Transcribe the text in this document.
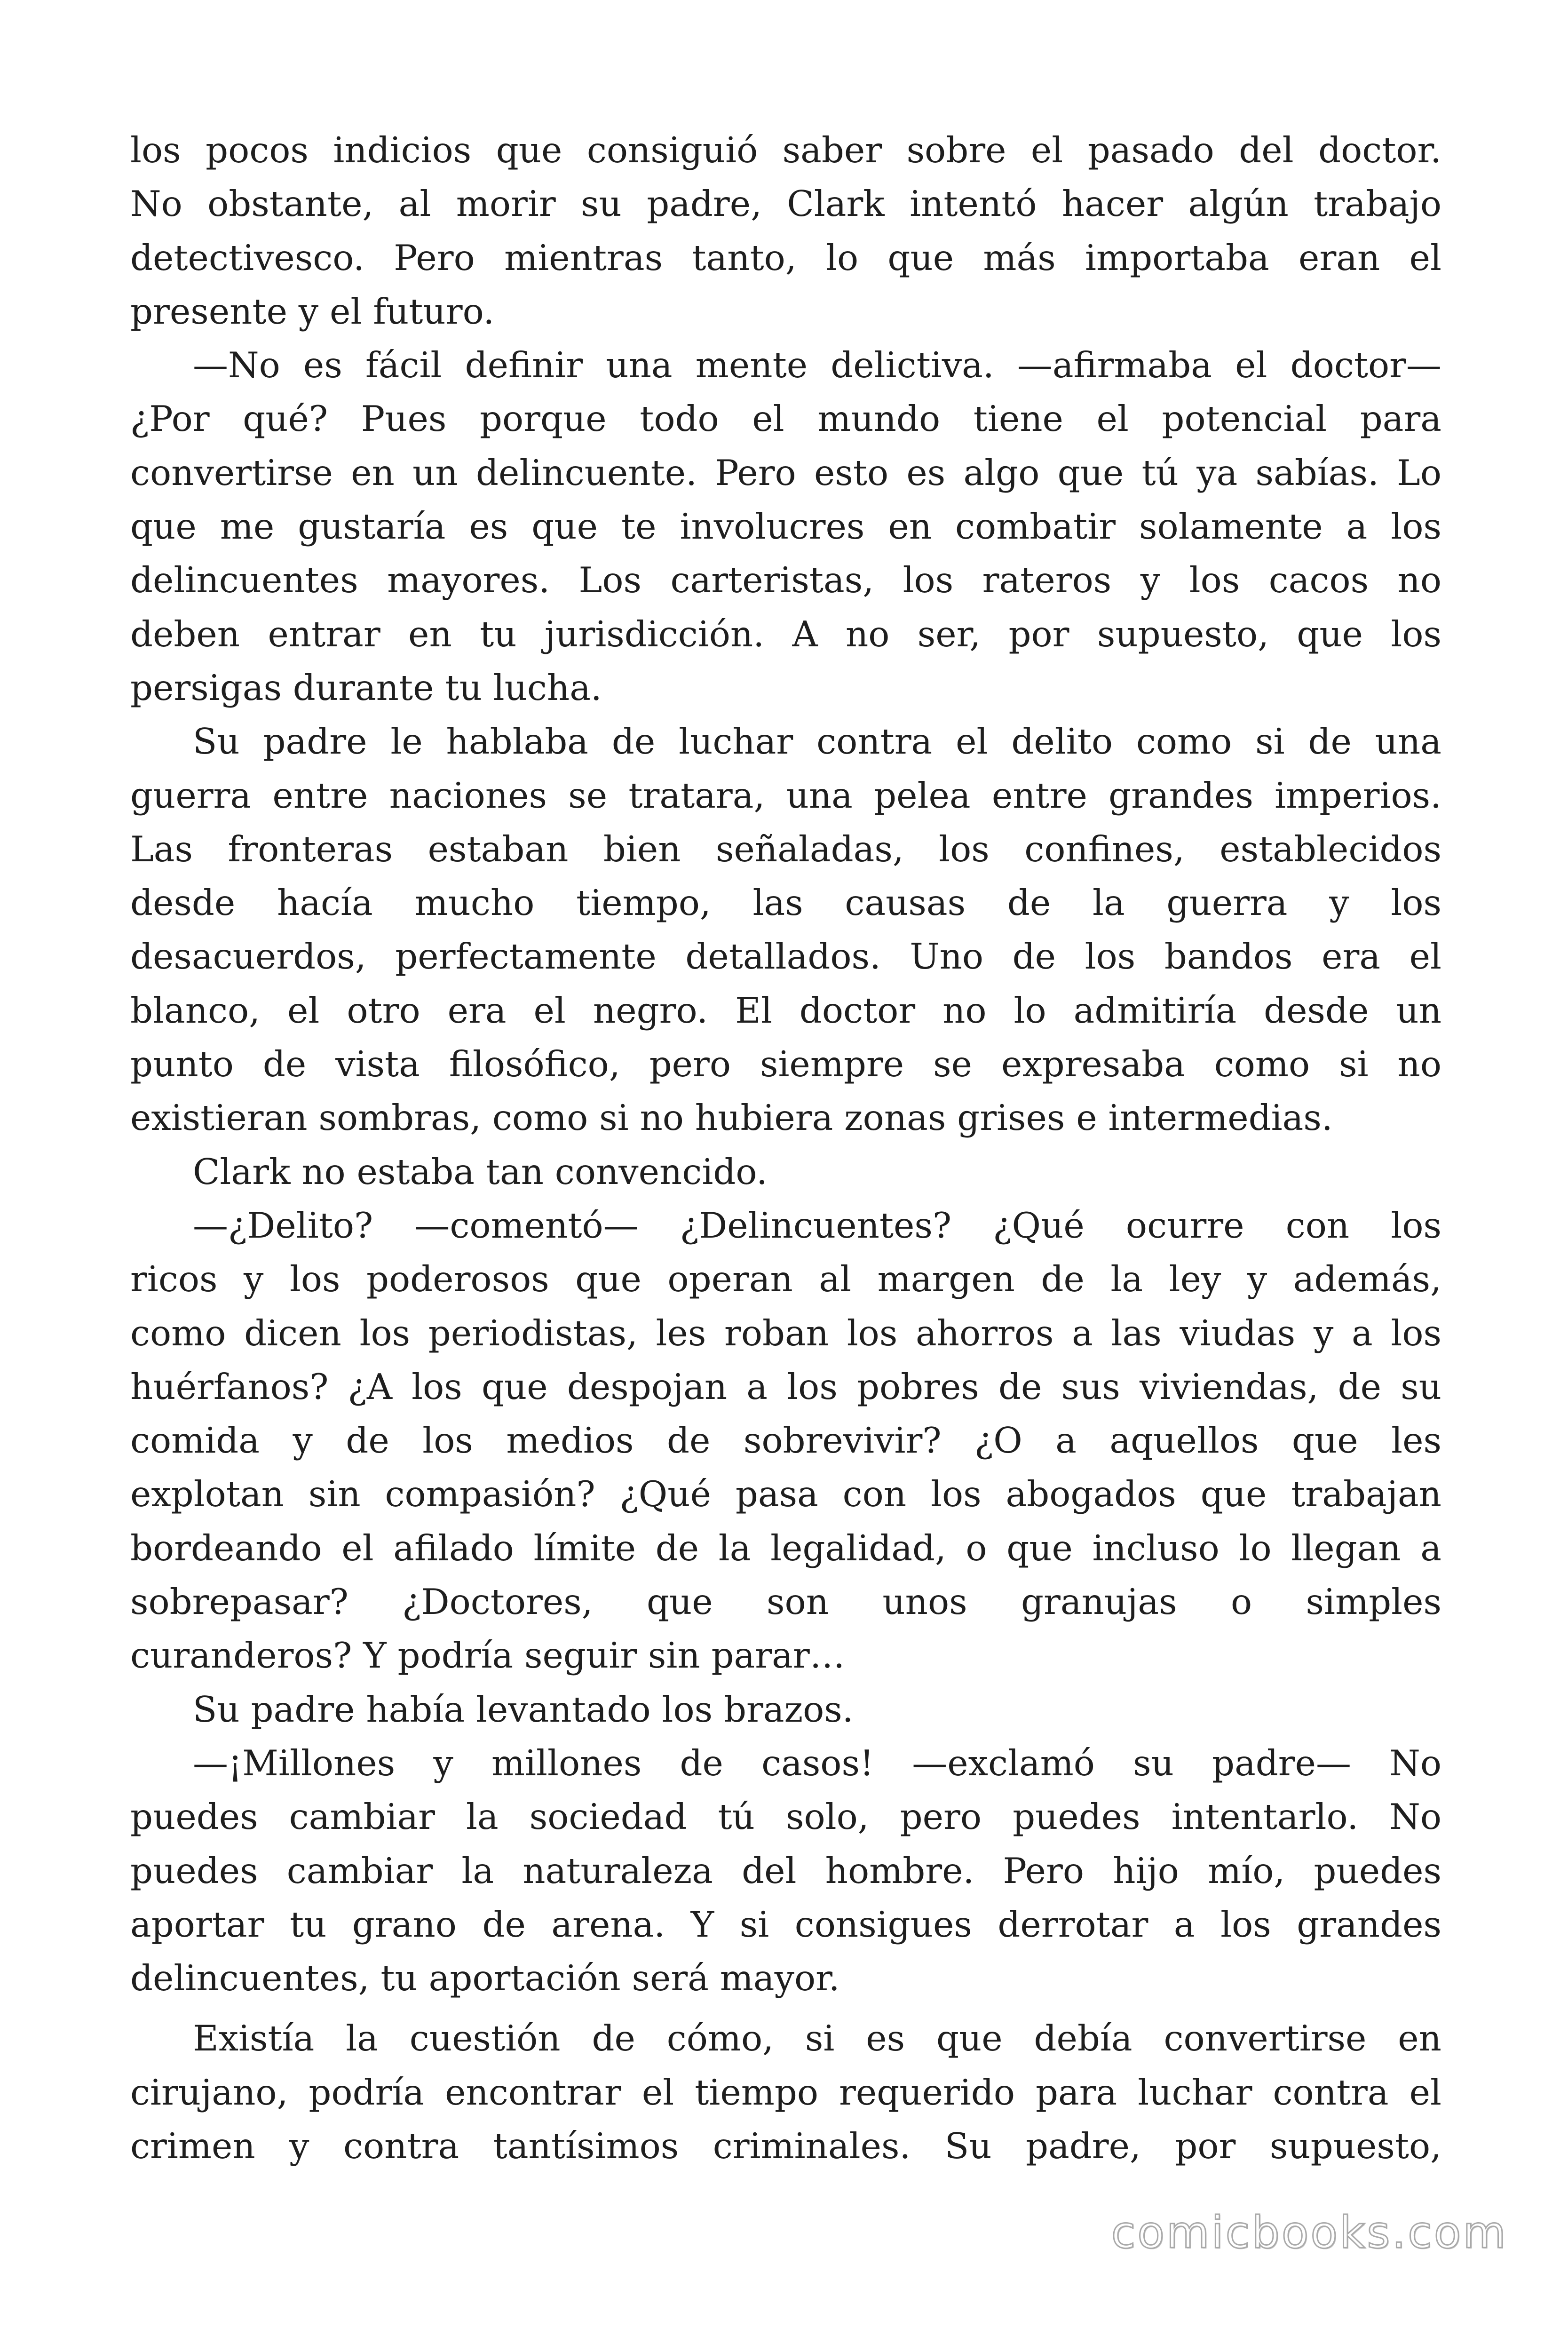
los pocos indicios que consiguió saber sobre el pasado del doctor.

No obstante, al morir su padre, Clark intentó hacer algún trabajo

detectivesco. Pero mientras tanto, lo que más importaba eran el

presente y el futuro.

—No es fácil definir una mente delictiva. —afirmaba el doctor—

¿Por qué? Pues porque todo el mundo tiene el potencial para

convertirse en un delincuente. Pero esto es algo que tú ya sabías. Lo

que me gustaría es que te involucres en combatir solamente a los

delincuentes mayores. Los carteristas, los rateros y los cacos no

deben entrar en tu jurisdicción. A no ser, por supuesto, que los

persigas durante tu lucha.

Su padre le hablaba de luchar contra el delito como si de una

guerra entre naciones se tratara, una pelea entre grandes imperios.

Las fronteras estaban bien señaladas, los confines, establecidos

desde hacía mucho tiempo, las causas de la guerra y los

desacuerdos, perfectamente detallados. Uno de los bandos era el

blanco, el otro era el negro. El doctor no lo admitiría desde un

punto de vista filosófico, pero siempre se expresaba como si no

existieran sombras, como si no hubiera zonas grises e intermedias.

Clark no estaba tan convencido.

—¿Delito? —comentó— ¿Delincuentes? ¿Qué ocurre con los

ricos y los poderosos que operan al margen de la ley y además,

como dicen los periodistas, les roban los ahorros a las viudas y a los

huérfanos? ¿A los que despojan a los pobres de sus viviendas, de su

comida y de los medios de sobrevivir? ¿O a aquellos que les

explotan sin compasión? ¿Qué pasa con los abogados que trabajan

bordeando el afilado límite de la legalidad, o que incluso lo llegan a

sobrepasar? ¿Doctores, que son unos granujas o simples

curanderos? Y podría seguir sin parar…

Su padre había levantado los brazos.

—¡Millones y millones de casos! —exclamó su padre— No

puedes cambiar la sociedad tú solo, pero puedes intentarlo. No

puedes cambiar la naturaleza del hombre. Pero hijo mío, puedes

aportar tu grano de arena. Y si consigues derrotar a los grandes

delincuentes, tu aportación será mayor.

Existía la cuestión de cómo, si es que debía convertirse en

cirujano, podría encontrar el tiempo requerido para luchar contra el

crimen y contra tantísimos criminales. Su padre, por supuesto,

comicbooks.com
